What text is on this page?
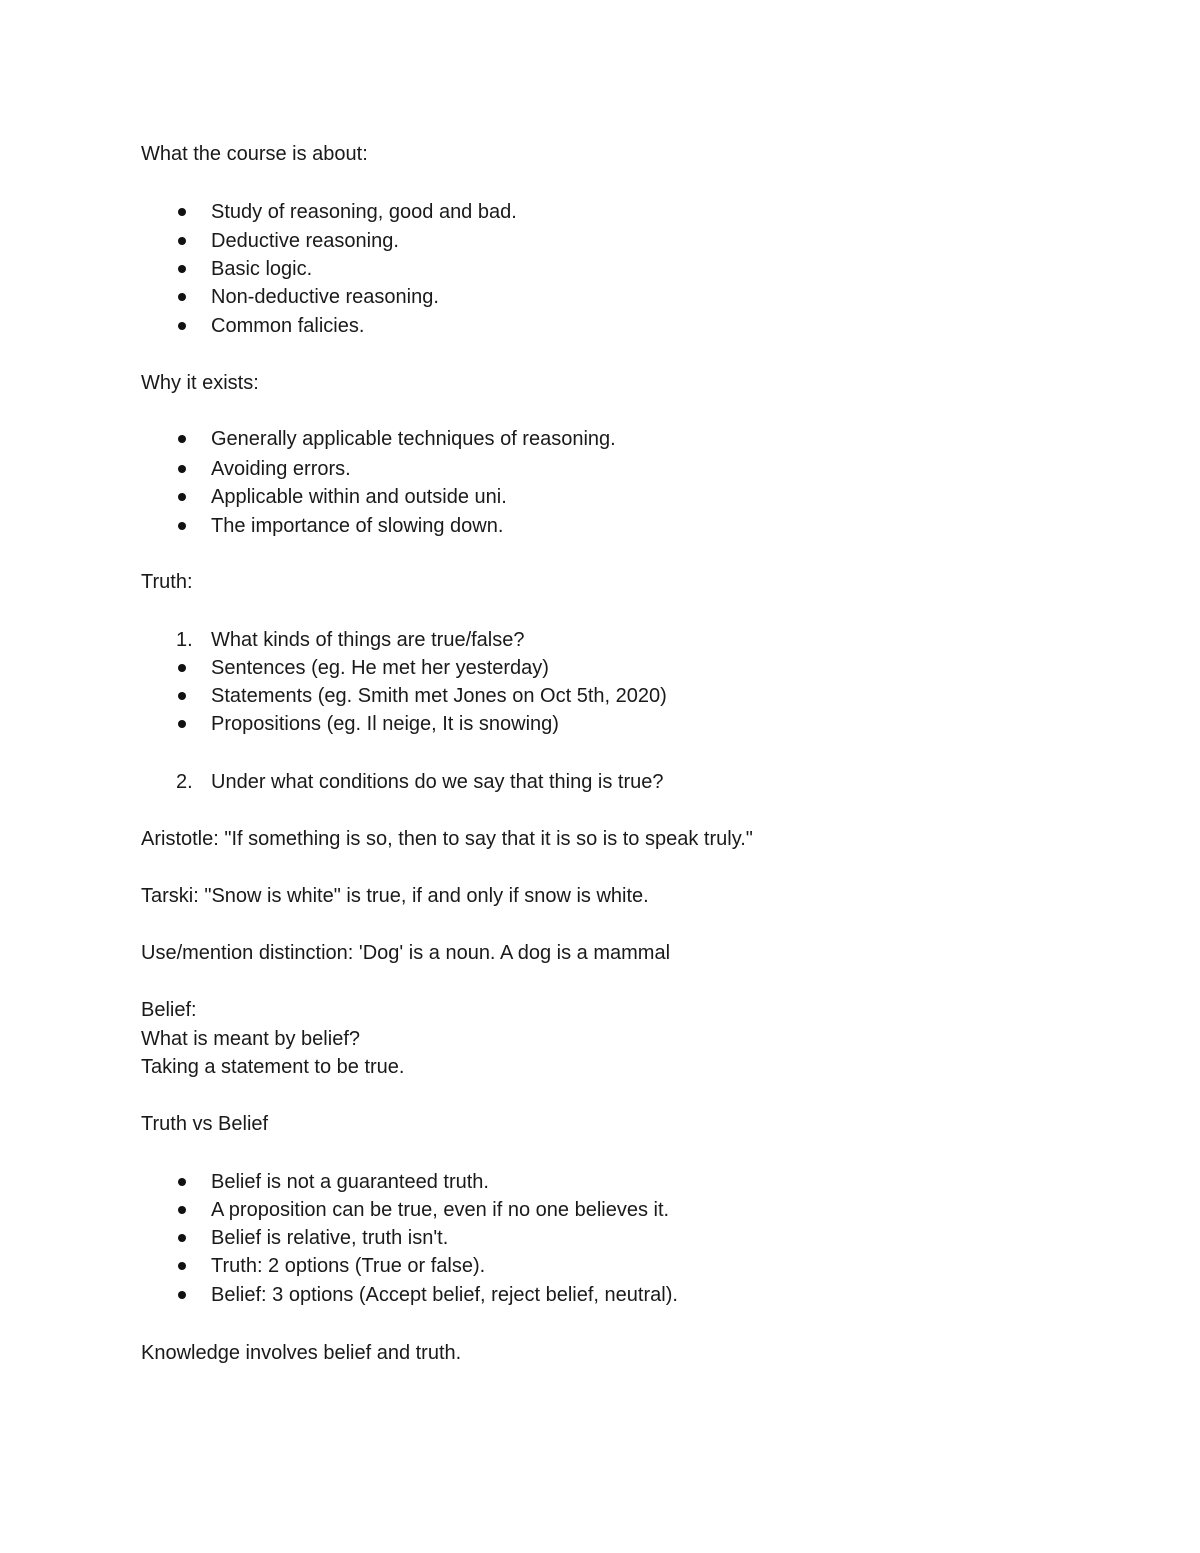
What the course is about:
Study of reasoning, good and bad.
Deductive reasoning.
Basic logic.
Non-deductive reasoning.
Common falicies.
Why it exists:
Generally applicable techniques of reasoning.
Avoiding errors.
Applicable within and outside uni.
The importance of slowing down.
Truth:
1. What kinds of things are true/false?
Sentences (eg. He met her yesterday)
Statements (eg. Smith met Jones on Oct 5th, 2020)
Propositions (eg. Il neige, It is snowing)
2. Under what conditions do we say that thing is true?
Aristotle: "If something is so, then to say that it is so is to speak truly."
Tarski: "Snow is white" is true, if and only if snow is white.
Use/mention distinction: 'Dog' is a noun. A dog is a mammal
Belief:
What is meant by belief?
Taking a statement to be true.
Truth vs Belief
Belief is not a guaranteed truth.
A proposition can be true, even if no one believes it.
Belief is relative, truth isn't.
Truth: 2 options (True or false).
Belief: 3 options (Accept belief, reject belief, neutral).
Knowledge involves belief and truth.
